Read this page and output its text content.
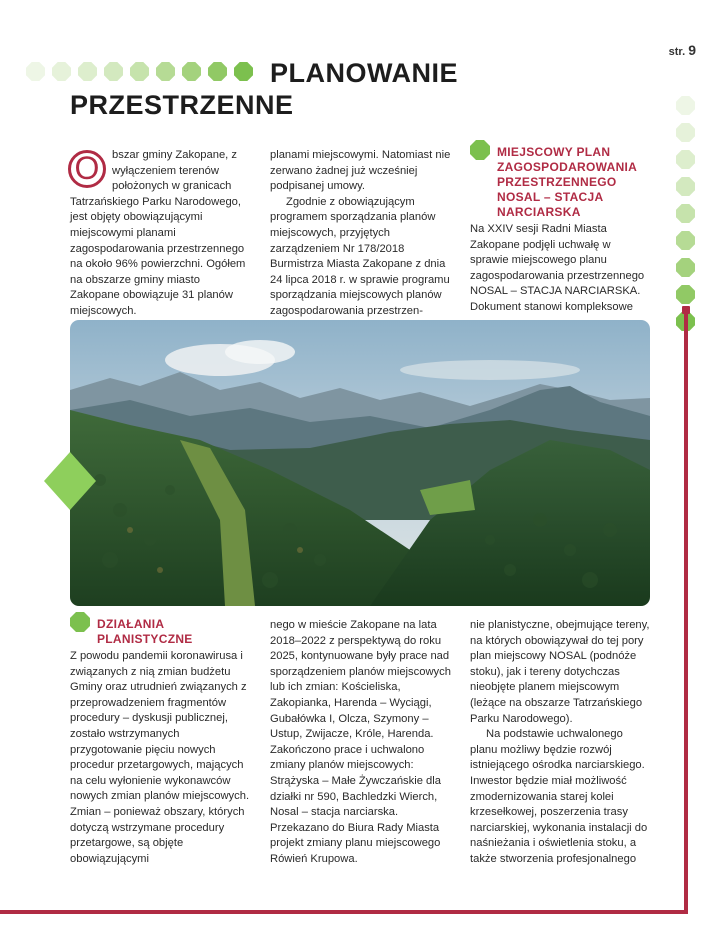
str. 9
PLANOWANIE
PRZESTRZENNE
O	bszar gminy Zakopane, z wyłączeniem terenów położonych w granicach Tatrzańskiego Parku Narodowego, jest objęty obowiązującymi miejscowymi planami zagospodarowania przestrzennego na około 96% powierzchni. Ogółem na obszarze gminy miasto Zakopane obowiązuje 31 planów miejscowych.

planami miejscowymi. Natomiast nie zerwano żadnej już wcześniej podpisanej umowy.

Zgodnie z obowiązującym programem sporządzania planów miejscowych, przyjętych zarządzeniem Nr 178/2018 Burmistrza Miasta Zakopane z dnia 24 lipca 2018 r. w sprawie programu sporządzania miejscowych planów zagospodarowania przestrzen-

MIEJSCOWY PLAN ZAGOSPODAROWANIA PRZESTRZENNEGO NOSAL – STACJA NARCIARSKA

Na XXIV sesji Radni Miasta Zakopane podjęli uchwałę w sprawie miejscowego planu zagospodarowania przestrzennego NOSAL – STACJA NARCIARSKA. Dokument stanowi kompleksowe

DZIAŁANIA PLANISTYCZNE

Z powodu pandemii koronawirusa i związanych z nią zmian budżetu Gminy oraz utrudnień związanych z przeprowadzeniem fragmentów procedury – dyskusji publicznej, zostało wstrzymanych przygotowanie pięciu nowych procedur przetargowych, mających na celu wyłonienie wykonawców nowych zmian planów miejscowych. Zmian – ponieważ obszary, których dotyczą wstrzymane procedury przetargowe, są objęte obowiązującymi

nego w mieście Zakopane na lata 2018–2022 z perspektywą do roku 2025, kontynuowane były prace nad sporządzeniem planów miejscowych lub ich zmian: Kościeliska, Zakopianka, Harenda – Wyciągi, Gubałówka I, Olcza, Szymony – Ustup, Zwijacze, Króle, Harenda. Zakończono prace i uchwalono zmiany planów miejscowych: Strążyska – Małe Żywczańskie dla działki nr 590, Bachledzki Wierch, Nosal – stacja narciarska. Przekazano do Biura Rady Miasta projekt zmiany planu miejscowego Rówień Krupowa.

nie planistyczne, obejmujące tereny, na których obowiązywał do tej pory plan miejscowy NOSAL (podnóże stoku), jak i tereny dotychczas nieobjęte planem miejscowym (leżące na obszarze Tatrzańskiego Parku Narodowego).

Na podstawie uchwalonego planu możliwy będzie rozwój istniejącego ośrodka narciarskiego. Inwestor będzie miał możliwość zmodernizowania starej kolei krzesełkowej, poszerzenia trasy narciarskiej, wykonania instalacji do naśnieżania i oświetlenia stoku, a także stworzenia profesjonalnego
